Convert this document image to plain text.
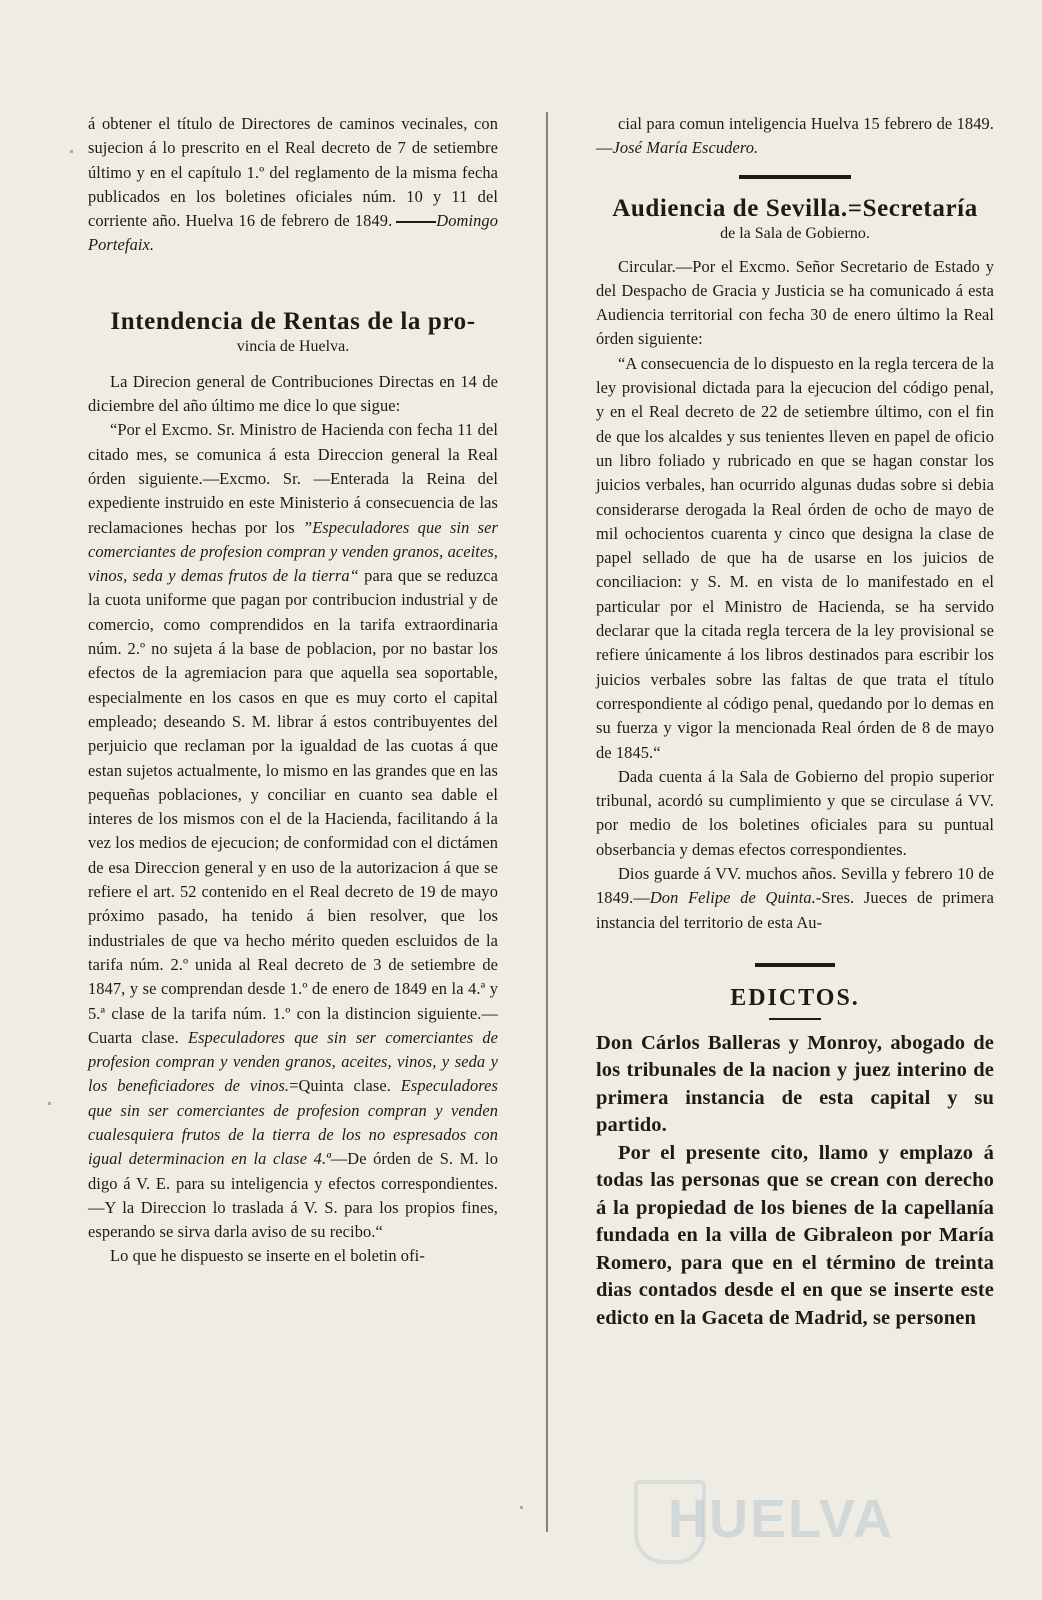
á obtener el título de Directores de caminos vecinales, con sujecion á lo prescrito en el Real decreto de 7 de setiembre último y en el capítulo 1.º del reglamento de la misma fecha publicados en los boletines oficiales núm. 10 y 11 del corriente año. Huelva 16 de febrero de 1849.	Domingo Portefaix.

Intendencia de Rentas de la pro-
vincia de Huelva.

La Direcion general de Contribuciones Directas en 14 de diciembre del año último me dice lo que sigue:

“Por el Excmo. Sr. Ministro de Hacienda con fecha 11 del citado mes, se comunica á esta Direccion general la Real órden siguiente.—Excmo. Sr. —Enterada la Reina del expediente instruido en este Ministerio á consecuencia de las reclamaciones hechas por los ”Especuladores que sin ser comerciantes de profesion compran y venden granos, aceites, vinos, seda y demas frutos de la tierra“ para que se reduzca la cuota uniforme que pagan por contribucion industrial y de comercio, como comprendidos en la tarifa extraordinaria núm. 2.º no sujeta á la base de poblacion, por no bastar los efectos de la agremiacion para que aquella sea soportable, especialmente en los casos en que es muy corto el capital empleado; deseando S. M. librar á estos contribuyentes del perjuicio que reclaman por la igualdad de las cuotas á que estan sujetos actualmente, lo mismo en las grandes que en las pequeñas poblaciones, y conciliar en cuanto sea dable el interes de los mismos con el de la Hacienda, facilitando á la vez los medios de ejecucion; de conformidad con el dictámen de esa Direccion general y en uso de la autorizacion á que se refiere el art. 52 contenido en el Real decreto de 19 de mayo próximo pasado, ha tenido á bien resolver, que los industriales de que va hecho mérito queden escluidos de la tarifa núm. 2.º unida al Real decreto de 3 de setiembre de 1847, y se comprendan desde 1.º de enero de 1849 en la 4.ª y 5.ª clase de la tarifa núm. 1.º con la distincion siguiente.— Cuarta clase. Especuladores que sin ser comerciantes de profesion compran y venden granos, aceites, vinos, y seda y los beneficiadores de vinos.=Quinta clase. Especuladores que sin ser comerciantes de profesion compran y venden cualesquiera frutos de la tierra de los no espresados con igual determinacion en la clase 4.ª—De órden de S. M. lo digo á V. E. para su inteligencia y efectos correspondientes.—Y la Direccion lo traslada á V. S. para los propios fines, esperando se sirva darla aviso de su recibo.“

Lo que he dispuesto se inserte en el boletin ofi-

cial para comun inteligencia Huelva 15 febrero de 1849.—José María Escudero.

Audiencia de Sevilla.=Secretaría
de la Sala de Gobierno.

Circular.—Por el Excmo. Señor Secretario de Estado y del Despacho de Gracia y Justicia se ha comunicado á esta Audiencia territorial con fecha 30 de enero último la Real órden siguiente:

“A consecuencia de lo dispuesto en la regla tercera de la ley provisional dictada para la ejecucion del código penal, y en el Real decreto de 22 de setiembre último, con el fin de que los alcaldes y sus tenientes lleven en papel de oficio un libro foliado y rubricado en que se hagan constar los juicios verbales, han ocurrido algunas dudas sobre si debia considerarse derogada la Real órden de ocho de mayo de mil ochocientos cuarenta y cinco que designa la clase de papel sellado de que ha de usarse en los juicios de conciliacion: y S. M. en vista de lo manifestado en el particular por el Ministro de Hacienda, se ha servido declarar que la citada regla tercera de la ley provisional se refiere únicamente á los libros destinados para escribir los juicios verbales sobre las faltas de que trata el título correspondiente al código penal, quedando por lo demas en su fuerza y vigor la mencionada Real órden de 8 de mayo de 1845.“

Dada cuenta á la Sala de Gobierno del propio superior tribunal, acordó su cumplimiento y que se circulase á VV. por medio de los boletines oficiales para su puntual obserbancia y demas efectos correspondientes.

Dios guarde á VV. muchos años. Sevilla y febrero 10 de 1849.—Don Felipe de Quinta.-Sres. Jueces de primera instancia del territorio de esta Au-

EDICTOS.

Don Cárlos Balleras y Monroy, abogado de los tribunales de la nacion y juez interino de primera instancia de esta capital y su partido.

Por el presente cito, llamo y emplazo á todas las personas que se crean con derecho á la propiedad de los bienes de la capellanía fundada en la villa de Gibraleon por María Romero, para que en el término de treinta dias contados desde el en que se inserte este edicto en la Gaceta de Madrid, se personen

HUELVA
